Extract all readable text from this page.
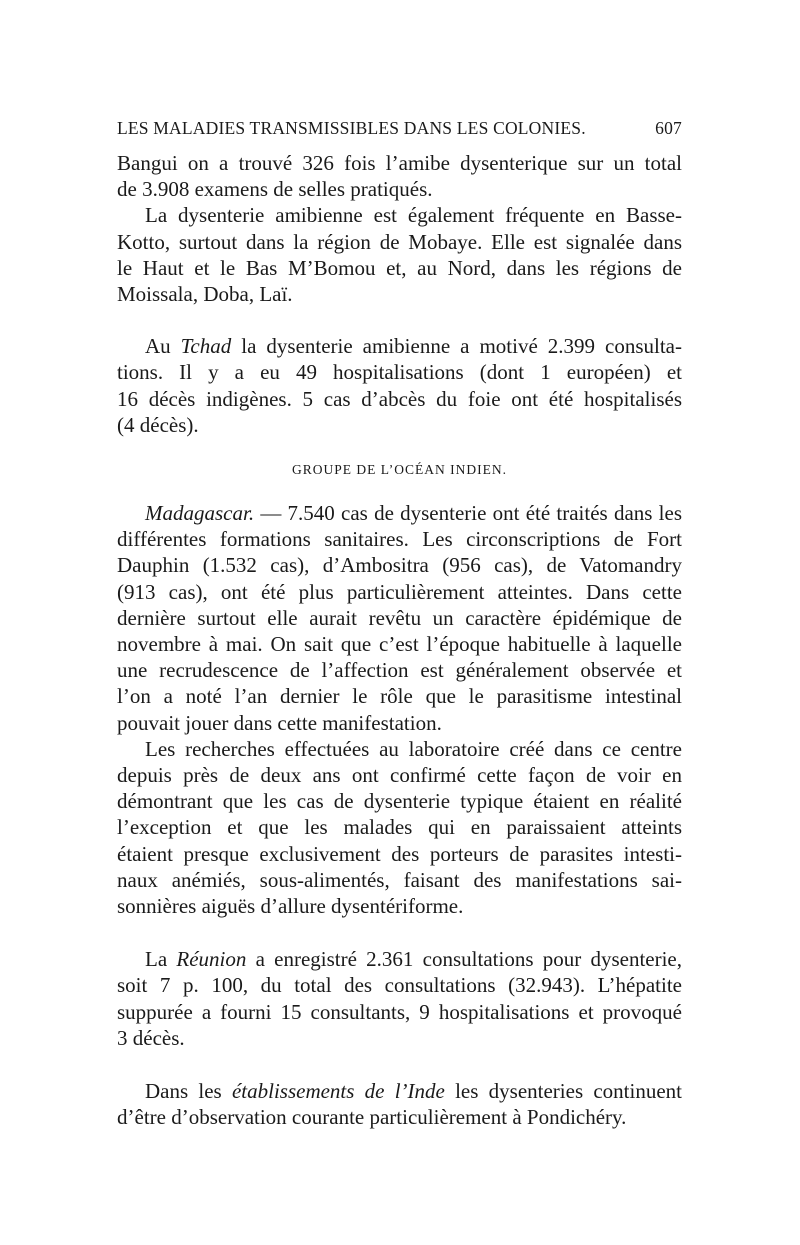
LES MALADIES TRANSMISSIBLES DANS LES COLONIES.	607

Bangui on a trouvé 326 fois l’amibe dysenterique sur un total

de 3.908 examens de selles pratiqués.

La dysenterie amibienne est également fréquente en Basse-

Kotto, surtout dans la région de Mobaye. Elle est signalée dans

le Haut et le Bas M’Bomou et, au Nord, dans les régions de

Moissala, Doba, Laï.

Au Tchad la dysenterie amibienne a motivé 2.399 consulta-

tions. Il y a eu 49 hospitalisations (dont 1 européen) et

16 décès indigènes. 5 cas d’abcès du foie ont été hospitalisés

(4 décès).

GROUPE DE L’OCÉAN INDIEN.

Madagascar. — 7.540 cas de dysenterie ont été traités dans les

différentes formations sanitaires. Les circonscriptions de Fort

Dauphin (1.532 cas), d’Ambositra (956 cas), de Vatomandry

(913 cas), ont été plus particulièrement atteintes. Dans cette

dernière surtout elle aurait revêtu un caractère épidémique de

novembre à mai. On sait que c’est l’époque habituelle à laquelle

une recrudescence de l’affection est généralement observée et

l’on a noté l’an dernier le rôle que le parasitisme intestinal

pouvait jouer dans cette manifestation.

Les recherches effectuées au laboratoire créé dans ce centre

depuis près de deux ans ont confirmé cette façon de voir en

démontrant que les cas de dysenterie typique étaient en réalité

l’exception et que les malades qui en paraissaient atteints

étaient presque exclusivement des porteurs de parasites intesti-

naux anémiés, sous-alimentés, faisant des manifestations sai-

sonnières aiguës d’allure dysentériforme.

La Réunion a enregistré 2.361 consultations pour dysenterie,

soit 7 p. 100, du total des consultations (32.943). L’hépatite

suppurée a fourni 15 consultants, 9 hospitalisations et provoqué

3 décès.

Dans les établissements de l’Inde les dysenteries continuent

d’être d’observation courante particulièrement à Pondichéry.
